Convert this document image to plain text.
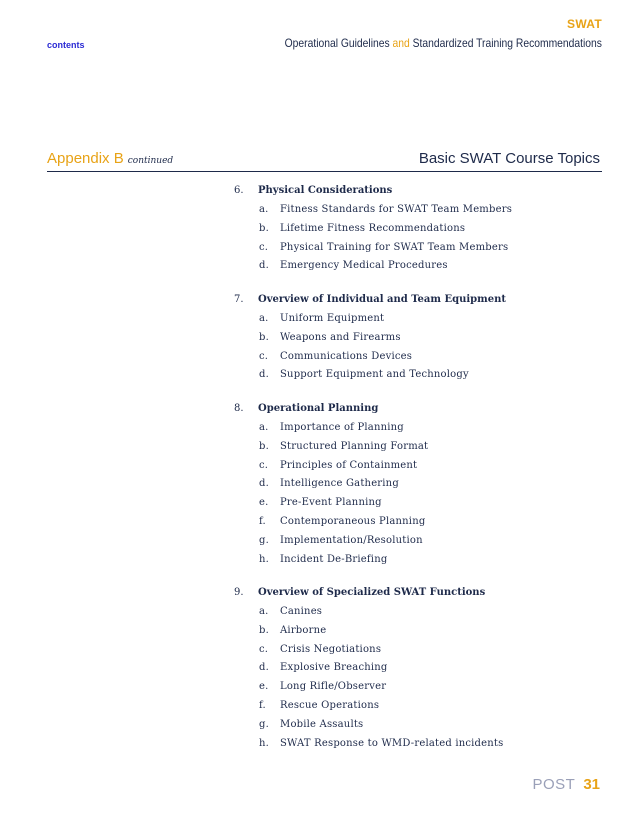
SWAT
contents	Operational Guidelines and Standardized Training Recommendations
Appendix B continued	Basic SWAT Course Topics
6. Physical Considerations
a. Fitness Standards for SWAT Team Members
b. Lifetime Fitness Recommendations
c. Physical Training for SWAT Team Members
d. Emergency Medical Procedures
7. Overview of Individual and Team Equipment
a. Uniform Equipment
b. Weapons and Firearms
c. Communications Devices
d. Support Equipment and Technology
8. Operational Planning
a. Importance of Planning
b. Structured Planning Format
c. Principles of Containment
d. Intelligence Gathering
e. Pre-Event Planning
f. Contemporaneous Planning
g. Implementation/Resolution
h. Incident De-Briefing
9. Overview of Specialized SWAT Functions
a. Canines
b. Airborne
c. Crisis Negotiations
d. Explosive Breaching
e. Long Rifle/Observer
f. Rescue Operations
g. Mobile Assaults
h. SWAT Response to WMD-related incidents
POST 31
